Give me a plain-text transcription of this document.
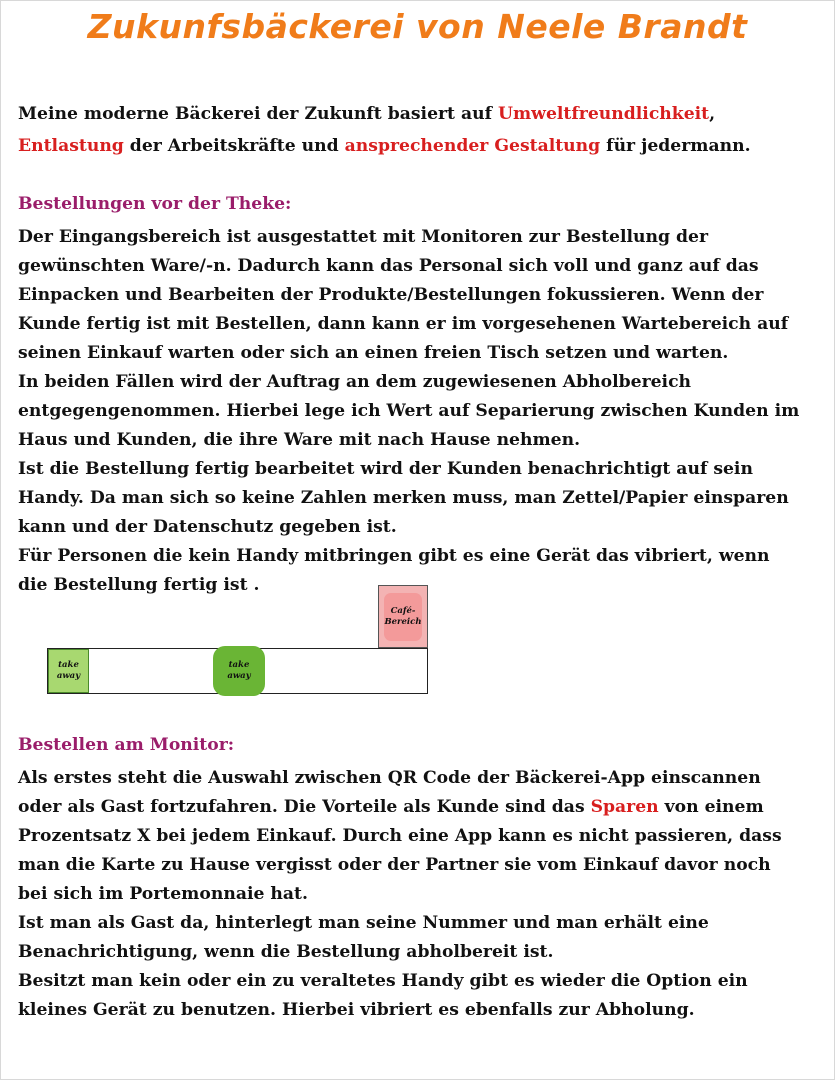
Zukunfsbäckerei von Neele Brandt

Meine moderne Bäckerei der Zukunft basiert auf Umweltfreundlichkeit,
Entlastung der Arbeitskräfte und ansprechender Gestaltung für jedermann.

Bestellungen vor der Theke:
Der Eingangsbereich ist ausgestattet mit Monitoren zur Bestellung der
gewünschten Ware/-n. Dadurch kann das Personal sich voll und ganz auf das
Einpacken und Bearbeiten der Produkte/Bestellungen fokussieren. Wenn der
Kunde fertig ist mit Bestellen, dann kann er im vorgesehenen Wartebereich auf
seinen Einkauf warten oder sich an einen freien Tisch setzen und warten.
In beiden Fällen wird der Auftrag an dem zugewiesenen Abholbereich
entgegengenommen. Hierbei lege ich Wert auf Separierung zwischen Kunden im
Haus und Kunden, die ihre Ware mit nach Hause nehmen.
Ist die Bestellung fertig bearbeitet wird der Kunden benachrichtigt auf sein
Handy. Da man sich so keine Zahlen merken muss, man Zettel/Papier einsparen
kann und der Datenschutz gegeben ist.
Für Personen die kein Handy mitbringen gibt es eine Gerät das vibriert, wenn
die Bestellung fertig ist .
take
away
take
away
Café-
Bereich
Bestellen am Monitor:
Als erstes steht die Auswahl zwischen QR Code der Bäckerei-App einscannen
oder als Gast fortzufahren. Die Vorteile als Kunde sind das Sparen von einem
Prozentsatz X bei jedem Einkauf. Durch eine App kann es nicht passieren, dass
man die Karte zu Hause vergisst oder der Partner sie vom Einkauf davor noch
bei sich im Portemonnaie hat.
Ist man als Gast da, hinterlegt man seine Nummer und man erhält eine
Benachrichtigung, wenn die Bestellung abholbereit ist.
Besitzt man kein oder ein zu veraltetes Handy gibt es wieder die Option ein
kleines Gerät zu benutzen. Hierbei vibriert es ebenfalls zur Abholung.
